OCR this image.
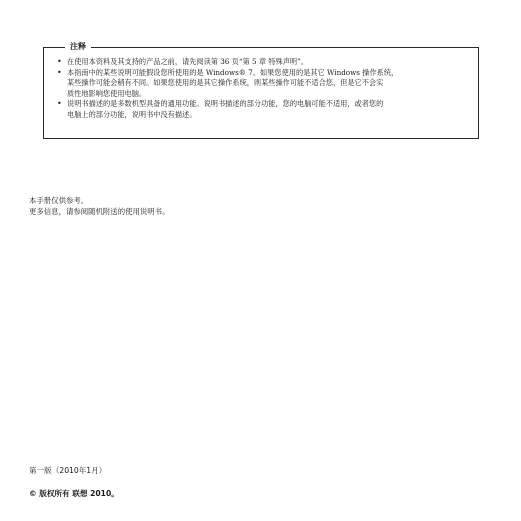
注释
• 在使用本资料及其支持的产品之前，请先阅读第 36 页“第 5 章 特殊声明”。
• 本指南中的某些说明可能假设您所使用的是 Windows® 7。如果您使用的是其它 Windows 操作系统，
某些操作可能会稍有不同。如果您使用的是其它操作系统，则某些操作可能不适合您，但是它不会实
质性地影响您使用电脑。
• 说明书描述的是多数机型具备的通用功能。说明书描述的部分功能，您的电脑可能不适用，或者您的
电脑上的部分功能，说明书中没有描述。
本手册仅供参考。
更多信息，请参阅随机附送的使用说明书。
第一版（2010年1月）
© 版权所有 联想 2010。
